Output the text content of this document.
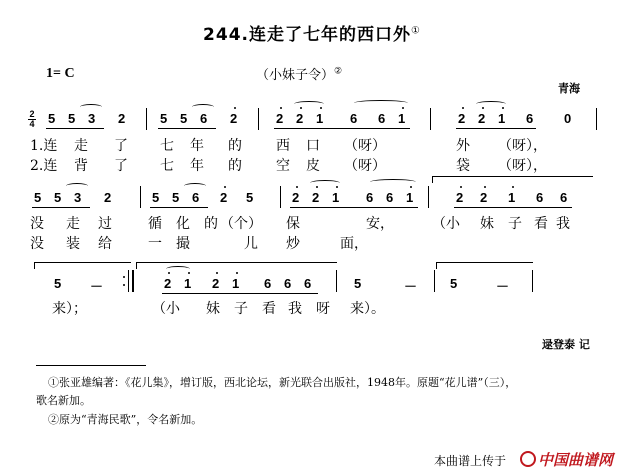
244.连走了七年的西口外①
1= C	（小妹子令）②
青海
2
4 5 5 3 2	5 5 6 2	2 2 1 6 6 1	2 2 1 6 0
1.连 走 了 七 年 的 西 口 （呀）	外 （呀），
2.连 背 了 七 年 的 空 皮 （呀）	袋 （呀），
5 5 3 2	5 5 6 2 5	2 2 1 6 6 1	2 2 1 6 6
没 走 过	循 化 的 （个） 保	安，	（小 妹 子 看 我
没 装 给	一 撮	儿 炒	面，
5 －	2 1 2 1 6 6 6	5	－	5	－
来）；	（小 妹 子 看 我 呀 来）。
逯登泰 记
①张亚雄编著：《花儿集》，增订版，西北论坛，新光联合出版社，1948年。原题“花儿谱”（三），
歌名新加。
②原为“青海民歌”，令名新加。
本曲谱上传于	中国曲谱网
